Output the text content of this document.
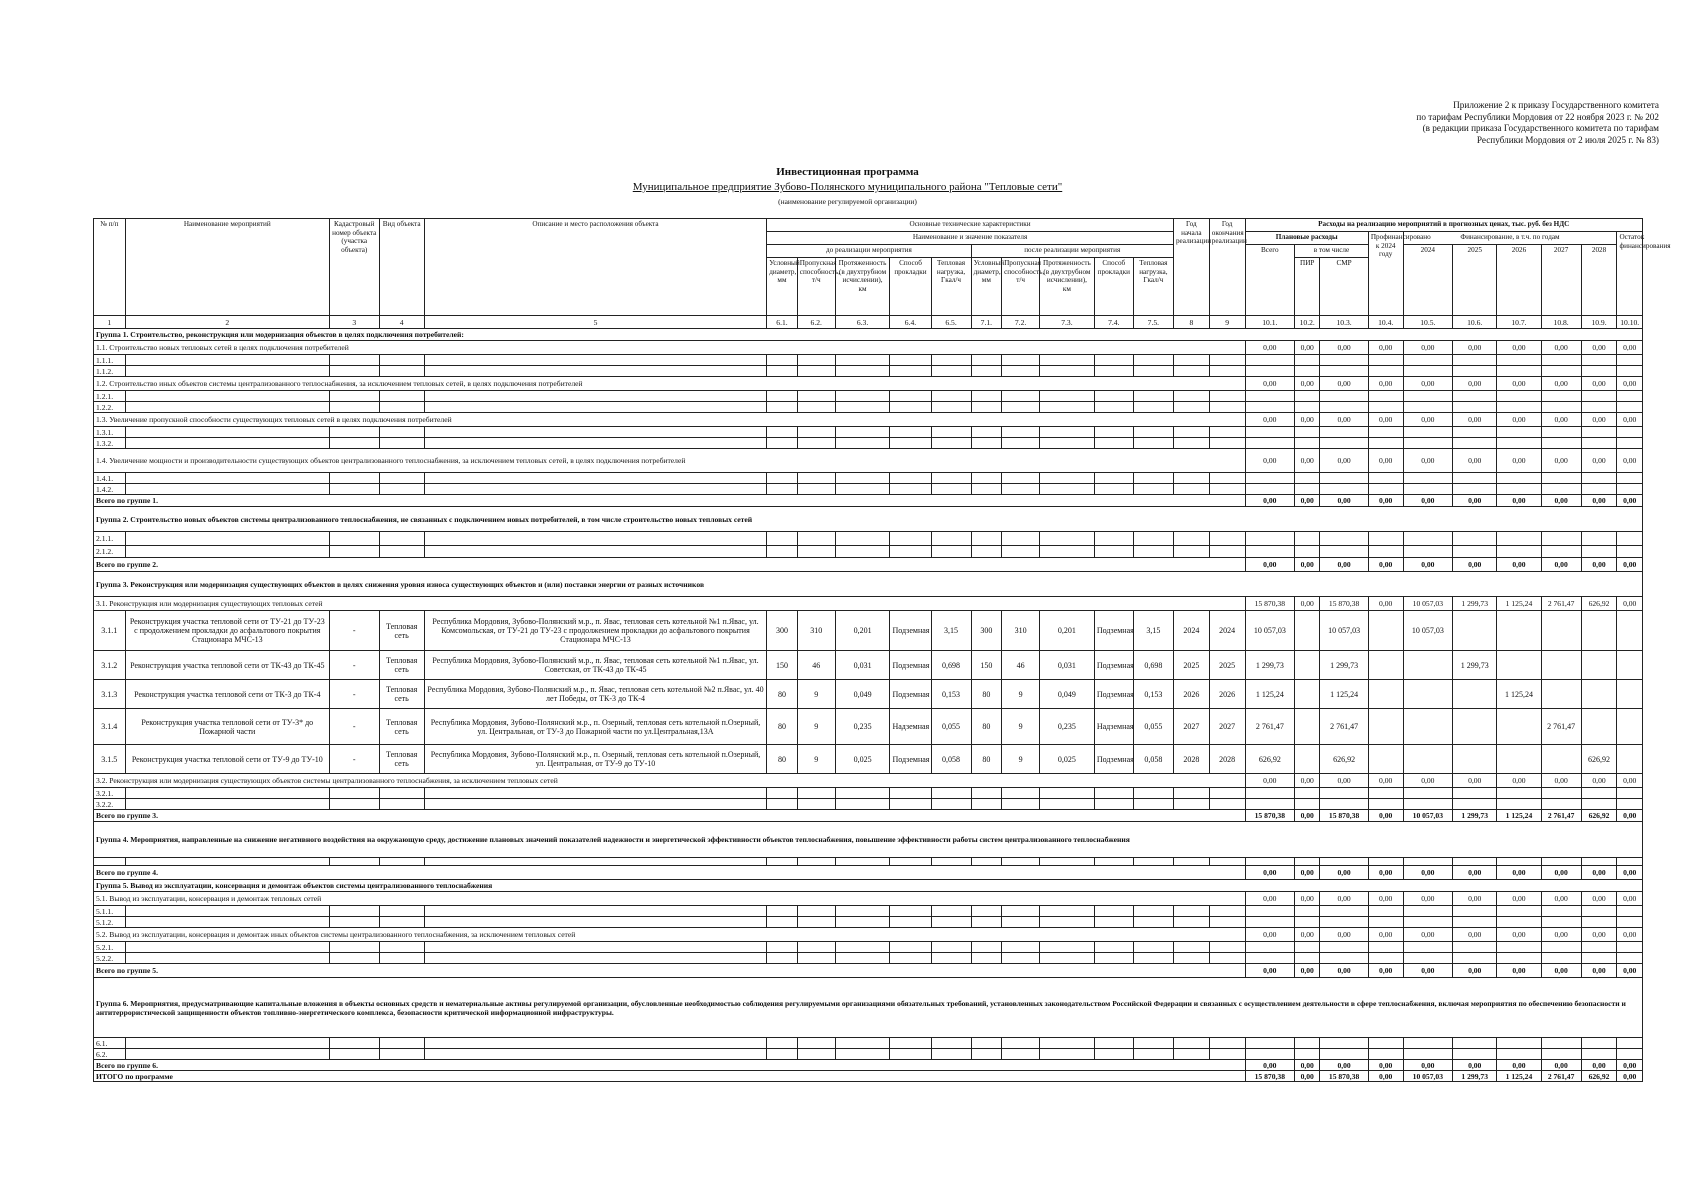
Приложение 2 к приказу Государственного комитета
по тарифам Республики Мордовия от 22 ноября 2023 г. № 202
(в редакции приказа Государственного комитета по тарифам
Республики Мордовия от 2 июля 2025 г. № 83)
Инвестиционная программа
Муниципальное предприятие Зубово-Полянского муниципального района "Тепловые сети"
(наименование регулируемой организации)
№ п/п	Наименование мероприятий	Кадастровый номер объекта (участка объекта)	Вид объекта	Описание и место расположения объекта	Основные технические характеристики										Год начала реализации	Год окончания реализации	Расходы на реализацию мероприятий в прогнозных ценах, тыс. руб. без НДС									
					Наименование и значение показателя												Плановые расходы			Профинансировано к 2024 году	Финансирование, в т.ч. по годам					Остаток финансирования
					до реализации мероприятия					после реализации мероприятия							Всего	в том числе			2024	2025	2026	2027	2028	
					Условный диаметр, мм	Пропускная способность, т/ч	Протяженность (в двухтрубном исчислении), км	Способ прокладки	Тепловая нагрузка, Гкал/ч	Условный диаметр, мм	Пропускная способность, т/ч	Протяженность (в двухтрубном исчислении), км	Способ прокладки	Тепловая нагрузка, Гкал/ч				ПИР	СМР							
1	2	3	4	5	6.1.	6.2.	6.3.	6.4.	6.5.	7.1.	7.2.	7.3.	7.4.	7.5.	8	9	10.1.	10.2.	10.3.	10.4.	10.5.	10.6.	10.7.	10.8.	10.9.	10.10.
Группа 1. Строительство, реконструкция или модернизация объектов в целях подключения потребителей:																										
1.1. Строительство новых тепловых сетей в целях подключения потребителей																	0,00	0,00	0,00	0,00	0,00	0,00	0,00	0,00	0,00	0,00
1.1.1.																										
1.1.2.																										
1.2. Строительство иных объектов системы централизованного теплоснабжения, за исключением тепловых сетей, в целях подключения потребителей																	0,00	0,00	0,00	0,00	0,00	0,00	0,00	0,00	0,00	0,00
1.2.1.																										
1.2.2.																										
1.3. Увеличение пропускной способности существующих тепловых сетей в целях подключения потребителей																	0,00	0,00	0,00	0,00	0,00	0,00	0,00	0,00	0,00	0,00
1.3.1.																										
1.3.2.																										
1.4. Увеличение мощности и производительности существующих объектов централизованного теплоснабжения, за исключением тепловых сетей, в целях подключения потребителей																	0,00	0,00	0,00	0,00	0,00	0,00	0,00	0,00	0,00	0,00
1.4.1.																										
1.4.2.																										
Всего по группе 1.																	0,00	0,00	0,00	0,00	0,00	0,00	0,00	0,00	0,00	0,00
Группа 2. Строительство новых объектов системы централизованного теплоснабжения, не связанных с подключением новых потребителей, в том числе строительство новых тепловых сетей																										
2.1.1.																										
2.1.2.																										
Всего по группе 2.																	0,00	0,00	0,00	0,00	0,00	0,00	0,00	0,00	0,00	0,00
Группа 3. Реконструкция или модернизация существующих объектов в целях снижения уровня износа существующих объектов и (или) поставки энергии от разных источников																										
3.1. Реконструкция или модернизация существующих тепловых сетей																	15 870,38	0,00	15 870,38	0,00	10 057,03	1 299,73	1 125,24	2 761,47	626,92	0,00
3.1.1	Реконструкция участка тепловой сети от ТУ-21 до ТУ-23 с продолжением прокладки до асфальтового покрытия Стационара МЧС-13	-	Тепловая сеть	Республика Мордовия, Зубово-Полянский м.р., п. Явас, тепловая сеть котельной №1 п.Явас, ул. Комсомольская, от ТУ-21 до ТУ-23 с продолжением прокладки до асфальтового покрытия Стационара МЧС-13	300	310	0,201	Подземная	3,15	300	310	0,201	Подземная	3,15	2024	2024	10 057,03		10 057,03		10 057,03					
3.1.2	Реконструкция участка тепловой сети от ТК-43 до ТК-45	-	Тепловая сеть	Республика Мордовия, Зубово-Полянский м.р., п. Явас, тепловая сеть котельной №1 п.Явас, ул. Советская, от ТК-43 до ТК-45	150	46	0,031	Подземная	0,698	150	46	0,031	Подземная	0,698	2025	2025	1 299,73		1 299,73			1 299,73				
3.1.3	Реконструкция участка тепловой сети от ТК-3 до ТК-4	-	Тепловая сеть	Республика Мордовия, Зубово-Полянский м.р., п. Явас, тепловая сеть котельной №2 п.Явас, ул. 40 лет Победы, от ТК-3 до ТК-4	80	9	0,049	Подземная	0,153	80	9	0,049	Подземная	0,153	2026	2026	1 125,24		1 125,24				1 125,24			
3.1.4	Реконструкция участка тепловой сети от ТУ-3* до Пожарной части	-	Тепловая сеть	Республика Мордовия, Зубово-Полянский м.р., п. Озерный, тепловая сеть котельной п.Озерный, ул. Центральная, от ТУ-3 до Пожарной части по ул.Центральная,13А	80	9	0,235	Надземная	0,055	80	9	0,235	Надземная	0,055	2027	2027	2 761,47		2 761,47					2 761,47		
3.1.5	Реконструкция участка тепловой сети от ТУ-9 до ТУ-10	-	Тепловая сеть	Республика Мордовия, Зубово-Полянский м.р., п. Озерный, тепловая сеть котельной п.Озерный, ул. Центральная, от ТУ-9 до ТУ-10	80	9	0,025	Подземная	0,058	80	9	0,025	Подземная	0,058	2028	2028	626,92		626,92						626,92	
3.2. Реконструкция или модернизация существующих объектов системы централизованного теплоснабжения, за исключением тепловых сетей																	0,00	0,00	0,00	0,00	0,00	0,00	0,00	0,00	0,00	0,00
3.2.1.																										
3.2.2.																										
Всего по группе 3.																	15 870,38	0,00	15 870,38	0,00	10 057,03	1 299,73	1 125,24	2 761,47	626,92	0,00
Группа 4. Мероприятия, направленные на снижение негативного воздействия на окружающую среду, достижение плановых значений показателей надежности и энергетической эффективности объектов теплоснабжения, повышение эффективности работы систем централизованного теплоснабжения																										

Всего по группе 4.																	0,00	0,00	0,00	0,00	0,00	0,00	0,00	0,00	0,00	0,00
Группа 5. Вывод из эксплуатации, консервация и демонтаж объектов системы централизованного теплоснабжения																										
5.1. Вывод из эксплуатации, консервация и демонтаж тепловых сетей																	0,00	0,00	0,00	0,00	0,00	0,00	0,00	0,00	0,00	0,00
5.1.1.																										
5.1.2.																										
5.2. Вывод из эксплуатации, консервация и демонтаж иных объектов системы централизованного теплоснабжения, за исключением тепловых сетей																	0,00	0,00	0,00	0,00	0,00	0,00	0,00	0,00	0,00	0,00
5.2.1.																										
5.2.2.																										
Всего по группе 5.																	0,00	0,00	0,00	0,00	0,00	0,00	0,00	0,00	0,00	0,00
Группа 6. Мероприятия, предусматривающие капитальные вложения в объекты основных средств и нематериальные активы регулируемой организации, обусловленные необходимостью соблюдения регулируемыми организациями обязательных требований, установленных законодательством Российской Федерации и связанных с осуществлением деятельности в сфере теплоснабжения, включая мероприятия по обеспечению безопасности и антитеррористической защищенности объектов топливно-энергетического комплекса, безопасности критической информационной инфраструктуры.																										
6.1.																										
6.2.																										
Всего по группе 6.																	0,00	0,00	0,00	0,00	0,00	0,00	0,00	0,00	0,00	0,00
ИТОГО по программе																	15 870,38	0,00	15 870,38	0,00	10 057,03	1 299,73	1 125,24	2 761,47	626,92	0,00
